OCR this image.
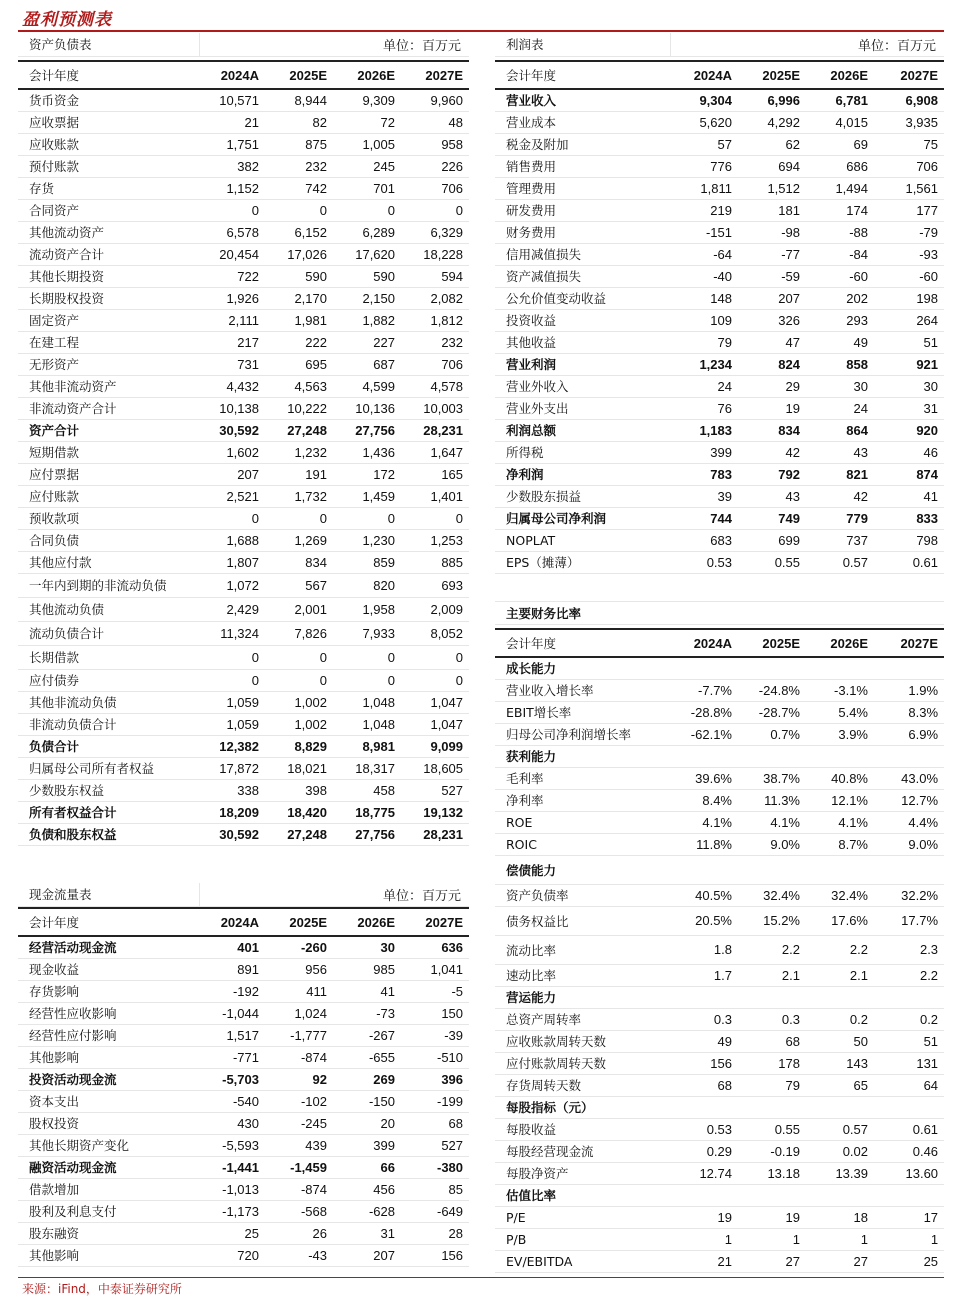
盈利预测表
资产负债表	单位：百万元			

会计年度	2024A	2025E	2026E	2027E
货币资金	10,571	8,944	9,309	9,960
应收票据	21	82	72	48
应收账款	1,751	875	1,005	958
预付账款	382	232	245	226
存货	1,152	742	701	706
合同资产	0	0	0	0
其他流动资产	6,578	6,152	6,289	6,329
流动资产合计	20,454	17,026	17,620	18,228
其他长期投资	722	590	590	594
长期股权投资	1,926	2,170	2,150	2,082
固定资产	2,111	1,981	1,882	1,812
在建工程	217	222	227	232
无形资产	731	695	687	706
其他非流动资产	4,432	4,563	4,599	4,578
非流动资产合计	10,138	10,222	10,136	10,003
资产合计	30,592	27,248	27,756	28,231
短期借款	1,602	1,232	1,436	1,647
应付票据	207	191	172	165
应付账款	2,521	1,732	1,459	1,401
预收款项	0	0	0	0
合同负债	1,688	1,269	1,230	1,253
其他应付款	1,807	834	859	885
一年内到期的非流动负债	1,072	567	820	693
其他流动负债	2,429	2,001	1,958	2,009
流动负债合计	11,324	7,826	7,933	8,052
长期借款	0	0	0	0
应付债券	0	0	0	0
其他非流动负债	1,059	1,002	1,048	1,047
非流动负债合计	1,059	1,002	1,048	1,047
负债合计	12,382	8,829	8,981	9,099
归属母公司所有者权益	17,872	18,021	18,317	18,605
少数股东权益	338	398	458	527
所有者权益合计	18,209	18,420	18,775	19,132
负债和股东权益	30,592	27,248	27,756	28,231
现金流量表	单位：百万元			

会计年度	2024A	2025E	2026E	2027E
经营活动现金流	401	-260	30	636
现金收益	891	956	985	1,041
存货影响	-192	411	41	-5
经营性应收影响	-1,044	1,024	-73	150
经营性应付影响	1,517	-1,777	-267	-39
其他影响	-771	-874	-655	-510
投资活动现金流	-5,703	92	269	396
资本支出	-540	-102	-150	-199
股权投资	430	-245	20	68
其他长期资产变化	-5,593	439	399	527
融资活动现金流	-1,441	-1,459	66	-380
借款增加	-1,013	-874	456	85
股利及利息支付	-1,173	-568	-628	-649
股东融资	25	26	31	28
其他影响	720	-43	207	156
利润表	单位：百万元			

会计年度	2024A	2025E	2026E	2027E
营业收入	9,304	6,996	6,781	6,908
营业成本	5,620	4,292	4,015	3,935
税金及附加	57	62	69	75
销售费用	776	694	686	706
管理费用	1,811	1,512	1,494	1,561
研发费用	219	181	174	177
财务费用	-151	-98	-88	-79
信用减值损失	-64	-77	-84	-93
资产减值损失	-40	-59	-60	-60
公允价值变动收益	148	207	202	198
投资收益	109	326	293	264
其他收益	79	47	49	51
营业利润	1,234	824	858	921
营业外收入	24	29	30	30
营业外支出	76	19	24	31
利润总额	1,183	834	864	920
所得税	399	42	43	46
净利润	783	792	821	874
少数股东损益	39	43	42	41
归属母公司净利润	744	749	779	833
NOPLAT	683	699	737	798
EPS（摊薄）	0.53	0.55	0.57	0.61

主要财务比率				

会计年度	2024A	2025E	2026E	2027E
成长能力				
营业收入增长率	-7.7%	-24.8%	-3.1%	1.9%
EBIT增长率	-28.8%	-28.7%	5.4%	8.3%
归母公司净利润增长率	-62.1%	0.7%	3.9%	6.9%
获利能力				
毛利率	39.6%	38.7%	40.8%	43.0%
净利率	8.4%	11.3%	12.1%	12.7%
ROE	4.1%	4.1%	4.1%	4.4%
ROIC	11.8%	9.0%	8.7%	9.0%
偿债能力				
资产负债率	40.5%	32.4%	32.4%	32.2%
债务权益比	20.5%	15.2%	17.6%	17.7%
流动比率	1.8	2.2	2.2	2.3
速动比率	1.7	2.1	2.1	2.2
营运能力				
总资产周转率	0.3	0.3	0.2	0.2
应收账款周转天数	49	68	50	51
应付账款周转天数	156	178	143	131
存货周转天数	68	79	65	64
每股指标（元）				
每股收益	0.53	0.55	0.57	0.61
每股经营现金流	0.29	-0.19	0.02	0.46
每股净资产	12.74	13.18	13.39	13.60
估值比率				
P/E	19	19	18	17
P/B	1	1	1	1
EV/EBITDA	21	27	27	25
来源：iFind，中泰证券研究所
